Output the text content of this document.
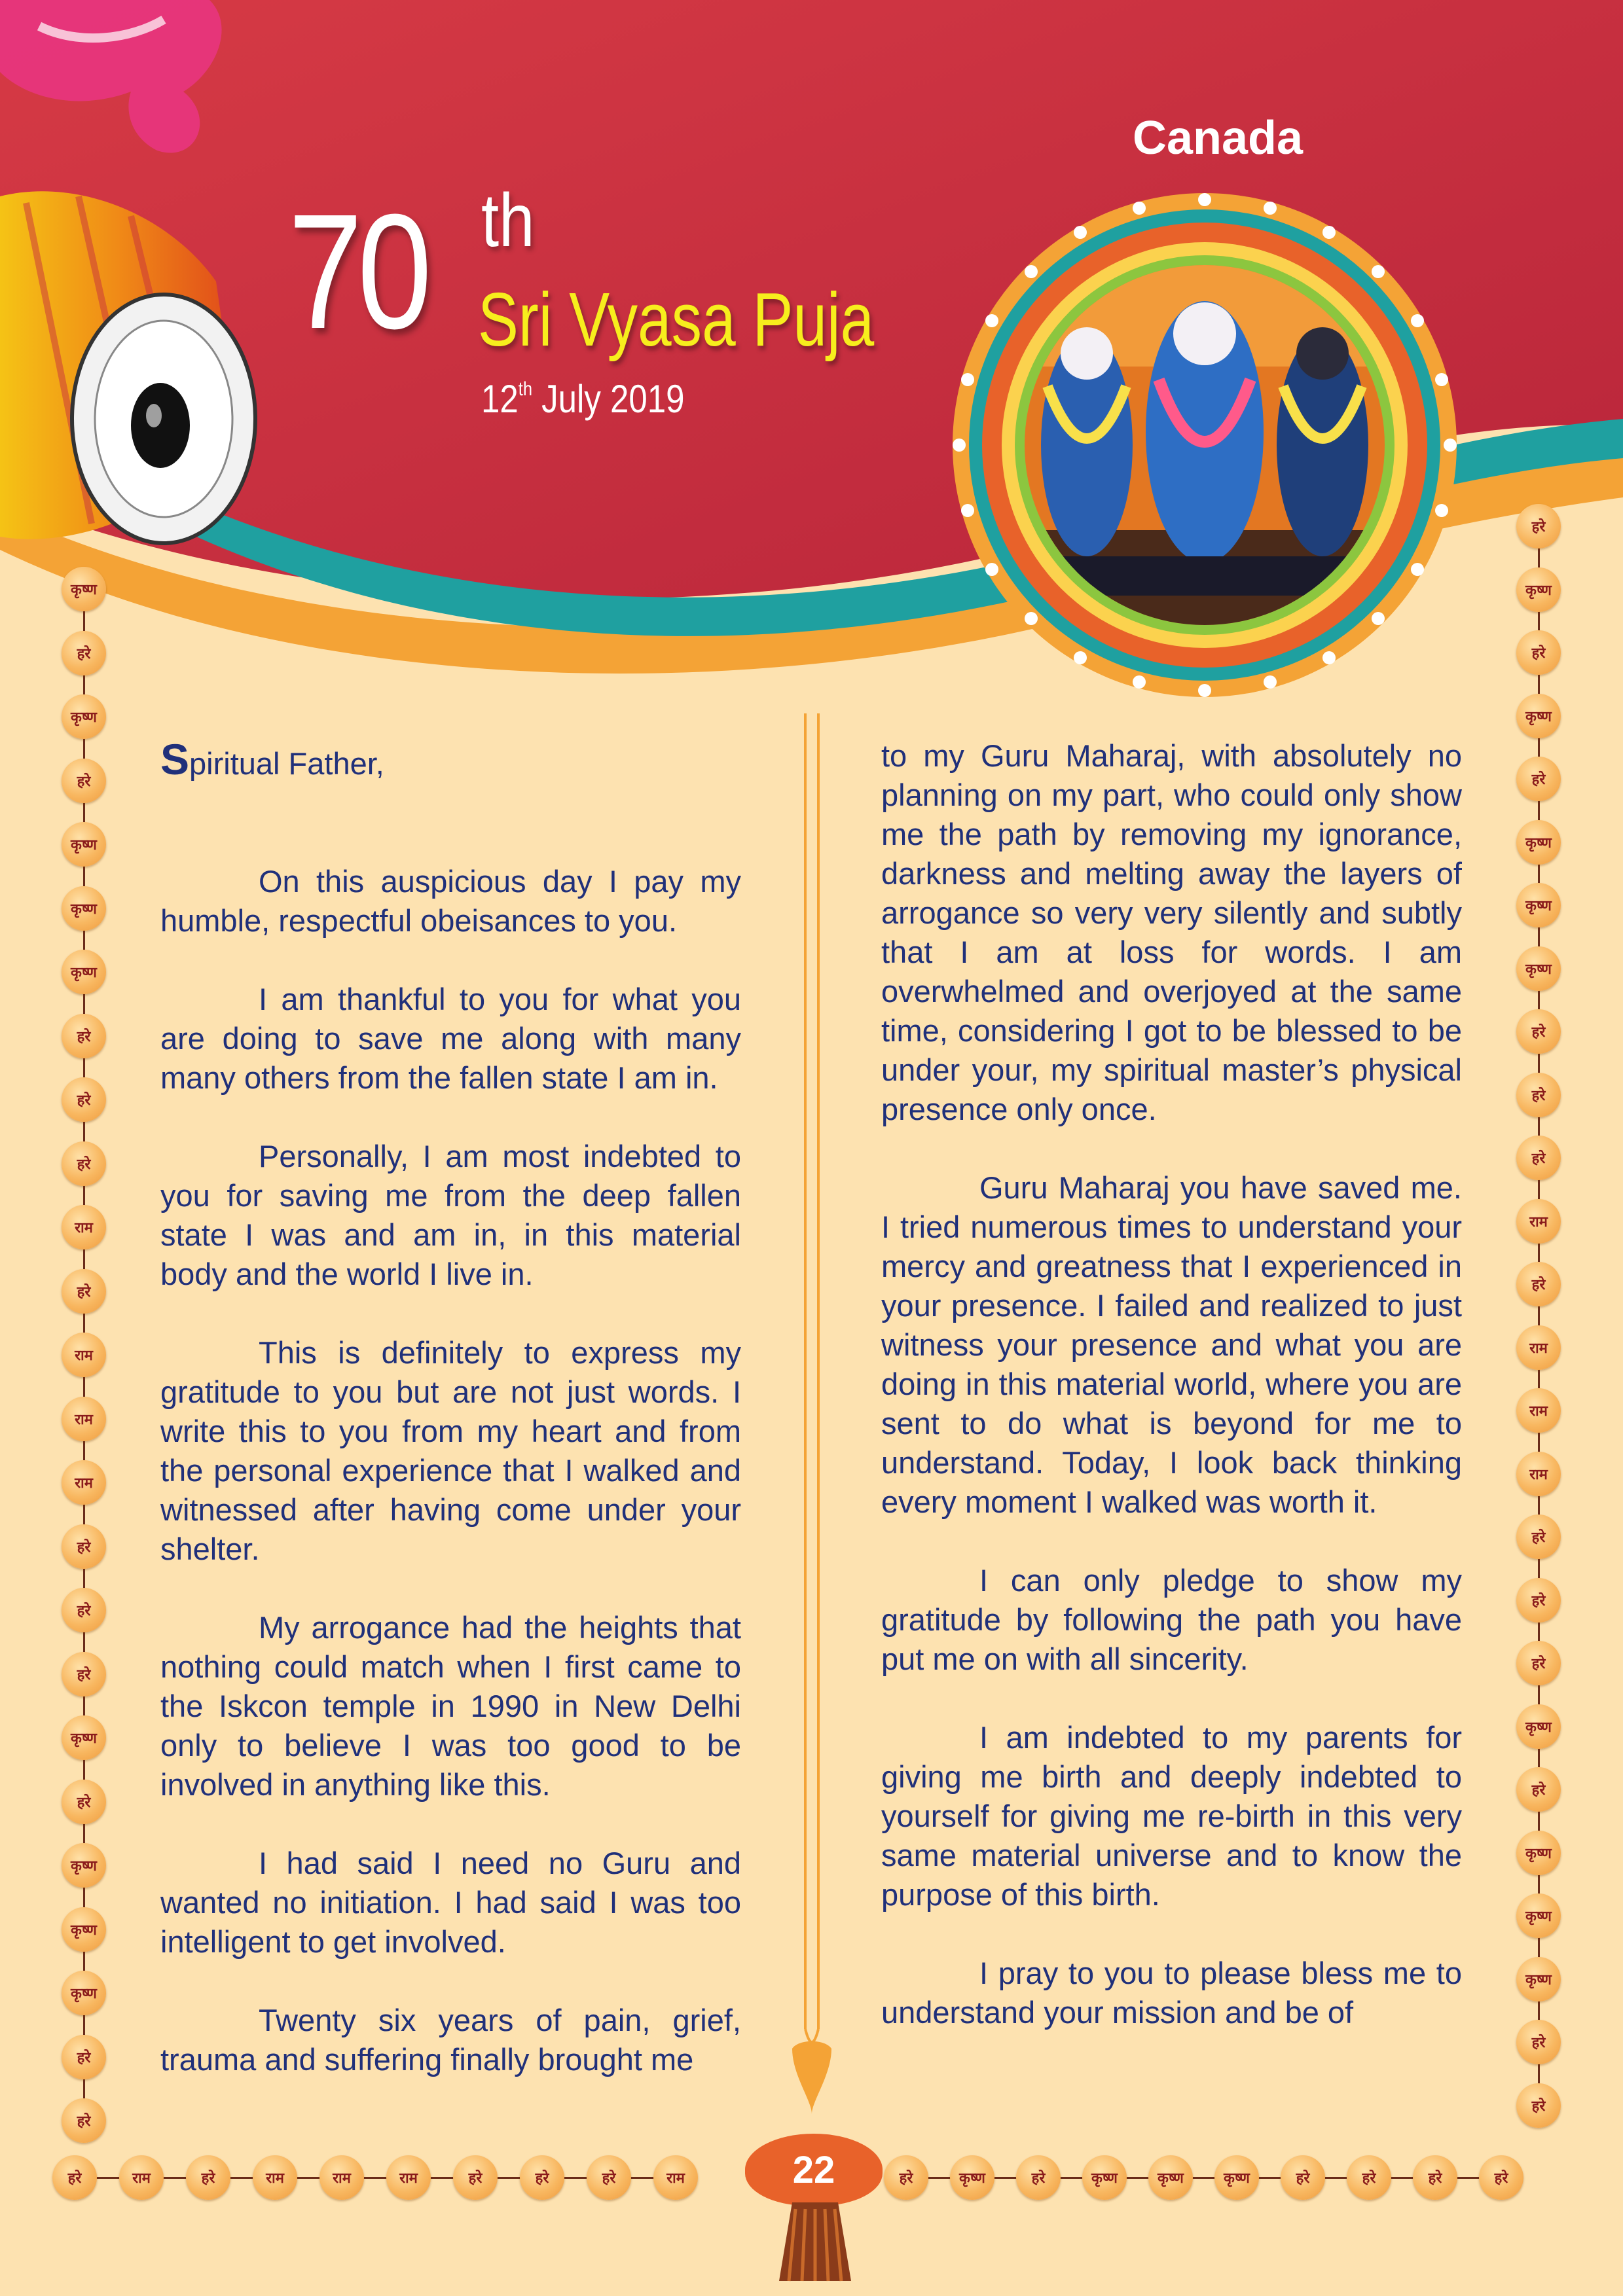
Canada
70 th
Sri Vyasa Puja
12th July 2019

Spiritual Father,

On this auspicious day I pay my humble, respectful obeisances to you.

I am thankful to you for what you are doing to save me along with many many others from the fallen state I am in.

Personally, I am most indebted to you for saving me from the deep fallen state I was and am in, in this material body and the world I live in.

This is definitely to express my gratitude to you but are not just words. I write this to you from my heart and from the personal experience that I walked and witnessed after having come under your shelter.

My arrogance had the heights that nothing could match when I first came to the Iskcon temple in 1990 in New Delhi only to believe I was too good to be involved in anything like this.

I had said I need no Guru and wanted no initiation. I had said I was too intelligent to get involved.

Twenty six years of pain, grief, trauma and suffering finally brought me

to my Guru Maharaj, with absolutely no planning on my part, who could only show me the path by removing my ignorance, darkness and melting away the layers of arrogance so very very silently and subtly that I am at loss for words. I am overwhelmed and overjoyed at the same time, considering I got to be blessed to be under your, my spiritual master’s physical presence only once.

Guru Maharaj you have saved me. I tried numerous times to understand your mercy and greatness that I experienced in your presence. I failed and realized to just witness your presence and what you are doing in this material world, where you are sent to do what is beyond for me to understand. Today, I look back thinking every moment I walked was worth it.

I can only pledge to show my gratitude by following the path you have put me on with all sincerity.

I am indebted to my parents for giving me birth and deeply indebted to yourself for giving me re-birth in this very same material universe and to know the purpose of this birth.

I pray to you to please bless me to understand your mission and be of

कृष्ण
हरे
कृष्ण
हरे
कृष्ण
कृष्ण
कृष्ण
हरे
हरे
हरे
राम
हरे
राम
राम
राम
हरे
हरे
हरे
कृष्ण
हरे
कृष्ण
कृष्ण
कृष्ण
हरे
हरे
हरे
कृष्ण
हरे
कृष्ण
हरे
कृष्ण
कृष्ण
कृष्ण
हरे
हरे
हरे
राम
हरे
राम
राम
राम
हरे
हरे
हरे
कृष्ण
हरे
कृष्ण
कृष्ण
कृष्ण
हरे
हरे
हरे	राम	हरे	राम	राम	राम	हरे	हरे	हरे	राम	हरे	कृष्ण	हरे	कृष्ण	कृष्ण	कृष्ण	हरे	हरे	हरे	हरे
22
